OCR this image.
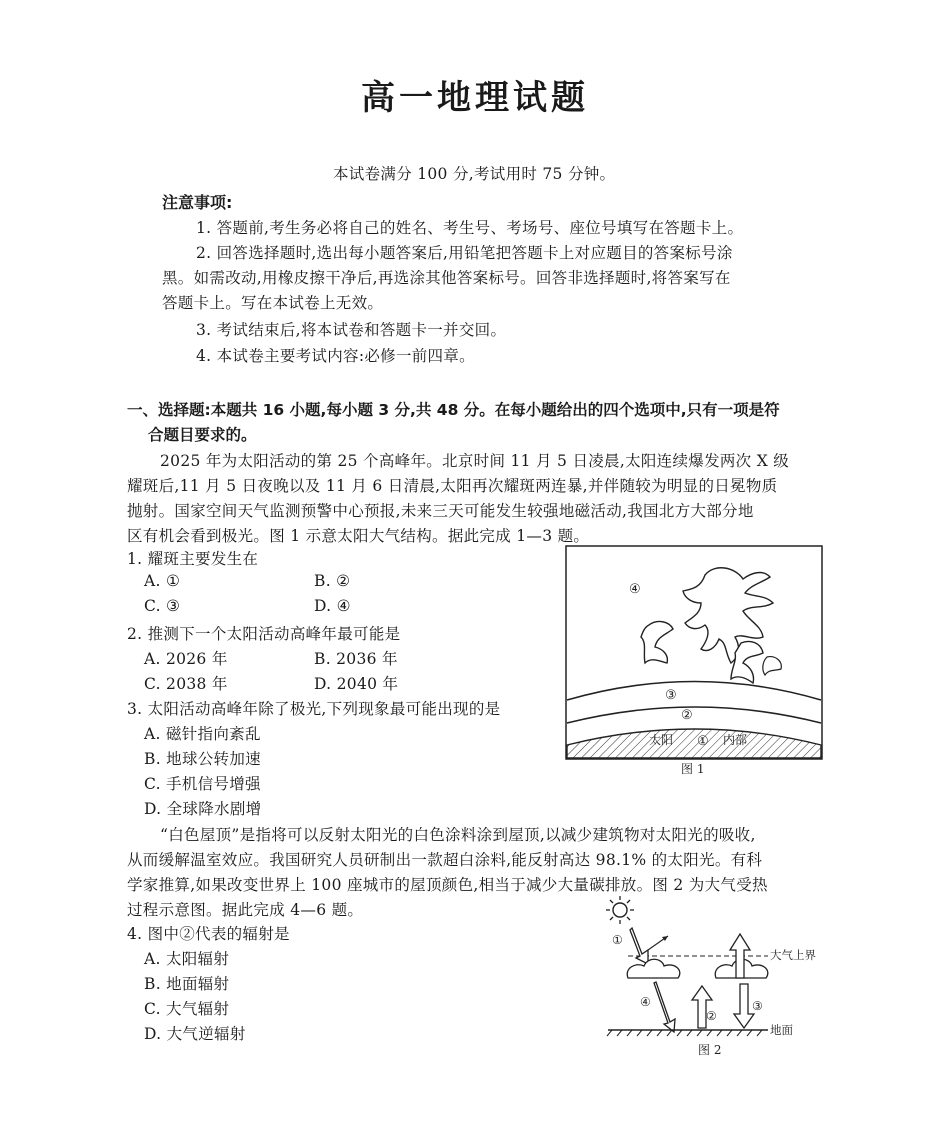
高一地理试题
本试卷满分 100 分,考试用时 75 分钟。
注意事项:
1. 答题前,考生务必将自己的姓名、考生号、考场号、座位号填写在答题卡上。
2. 回答选择题时,选出每小题答案后,用铅笔把答题卡上对应题目的答案标号涂
黑。如需改动,用橡皮擦干净后,再选涂其他答案标号。回答非选择题时,将答案写在
答题卡上。写在本试卷上无效。
3. 考试结束后,将本试卷和答题卡一并交回。
4. 本试卷主要考试内容:必修一前四章。
一、选择题:本题共 16 小题,每小题 3 分,共 48 分。在每小题给出的四个选项中,只有一项是符
合题目要求的。
2025 年为太阳活动的第 25 个高峰年。北京时间 11 月 5 日凌晨,太阳连续爆发两次 X 级
耀斑后,11 月 5 日夜晚以及 11 月 6 日清晨,太阳再次耀斑两连暴,并伴随较为明显的日冕物质
抛射。国家空间天气监测预警中心预报,未来三天可能发生较强地磁活动,我国北方大部分地
区有机会看到极光。图 1 示意太阳大气结构。据此完成 1—3 题。
1. 耀斑主要发生在
A. ①	B. ②
C. ③	D. ④
2. 推测下一个太阳活动高峰年最可能是
A. 2026 年	B. 2036 年
C. 2038 年	D. 2040 年
3. 太阳活动高峰年除了极光,下列现象最可能出现的是
A. 磁针指向紊乱
B. 地球公转加速
C. 手机信号增强
D. 全球降水剧增
“白色屋顶”是指将可以反射太阳光的白色涂料涂到屋顶,以减少建筑物对太阳光的吸收,
从而缓解温室效应。我国研究人员研制出一款超白涂料,能反射高达 98.1% 的太阳光。有科
学家推算,如果改变世界上 100 座城市的屋顶颜色,相当于减少大量碳排放。图 2 为大气受热
过程示意图。据此完成 4—6 题。
4. 图中②代表的辐射是
A. 太阳辐射
B. 地面辐射
C. 大气辐射
D. 大气逆辐射
④
③
②
①
太阳	内部
图 1
大气上界
①
④
②
③
地面
图 2
